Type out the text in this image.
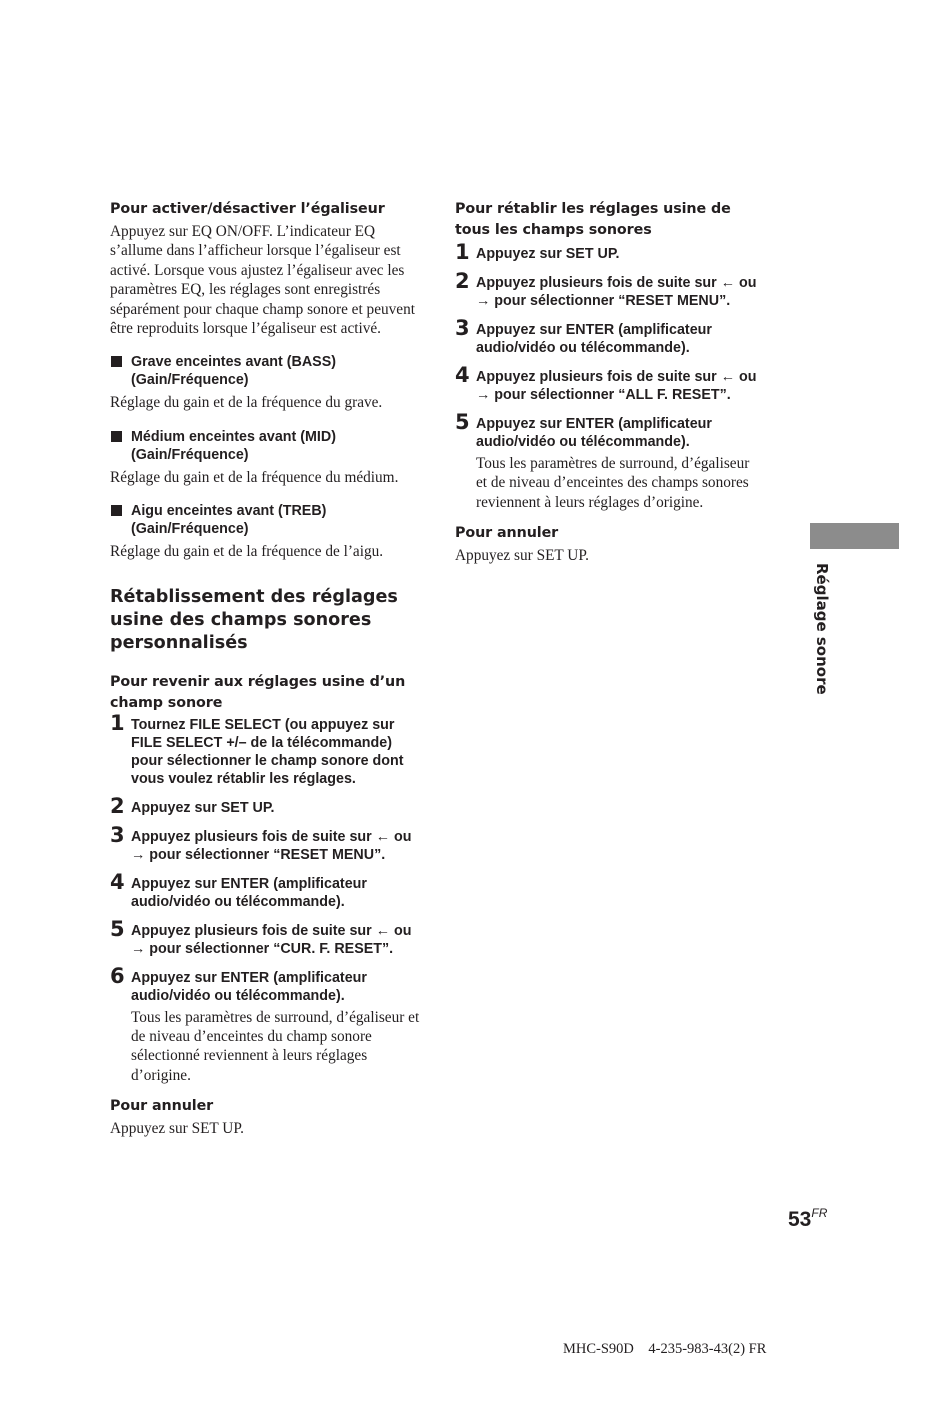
Pour activer/désactiver l’égaliseur

Appuyez sur EQ ON/OFF. L’indicateur EQ s’allume dans l’afficheur lorsque l’égaliseur est activé. Lorsque vous ajustez l’égaliseur avec les paramètres EQ, les réglages sont enregistrés séparément pour chaque champ sonore et peuvent être reproduits lorsque l’égaliseur est activé.

Grave enceintes avant (BASS) (Gain/Fréquence)

Réglage du gain et de la fréquence du grave.

Médium enceintes avant (MID) (Gain/Fréquence)

Réglage du gain et de la fréquence du médium.

Aigu enceintes avant (TREB) (Gain/Fréquence)

Réglage du gain et de la fréquence de l’aigu.

Rétablissement des réglages usine des champs sonores personnalisés

Pour revenir aux réglages usine d’un champ sonore

1 Tournez FILE SELECT (ou appuyez sur FILE SELECT +/– de la télécommande) pour sélectionner le champ sonore dont vous voulez rétablir les réglages.
2 Appuyez sur SET UP.
3 Appuyez plusieurs fois de suite sur ← ou → pour sélectionner “RESET MENU”.
4 Appuyez sur ENTER (amplificateur audio/vidéo ou télécommande).
5 Appuyez plusieurs fois de suite sur ← ou → pour sélectionner “CUR. F. RESET”.
6 Appuyez sur ENTER (amplificateur audio/vidéo ou télécommande).
Tous les paramètres de surround, d’égaliseur et de niveau d’enceintes du champ sonore sélectionné reviennent à leurs réglages d’origine.

Pour annuler

Appuyez sur SET UP.

Pour rétablir les réglages usine de tous les champs sonores

1 Appuyez sur SET UP.
2 Appuyez plusieurs fois de suite sur ← ou → pour sélectionner “RESET MENU”.
3 Appuyez sur ENTER (amplificateur audio/vidéo ou télécommande).
4 Appuyez plusieurs fois de suite sur ← ou → pour sélectionner “ALL F. RESET”.
5 Appuyez sur ENTER (amplificateur audio/vidéo ou télécommande).
Tous les paramètres de surround, d’égaliseur et de niveau d’enceintes des champs sonores reviennent à leurs réglages d’origine.

Pour annuler

Appuyez sur SET UP.

Réglage sonore
$53^{FR}$
MHC-S90D    4-235-983-43(2) FR
